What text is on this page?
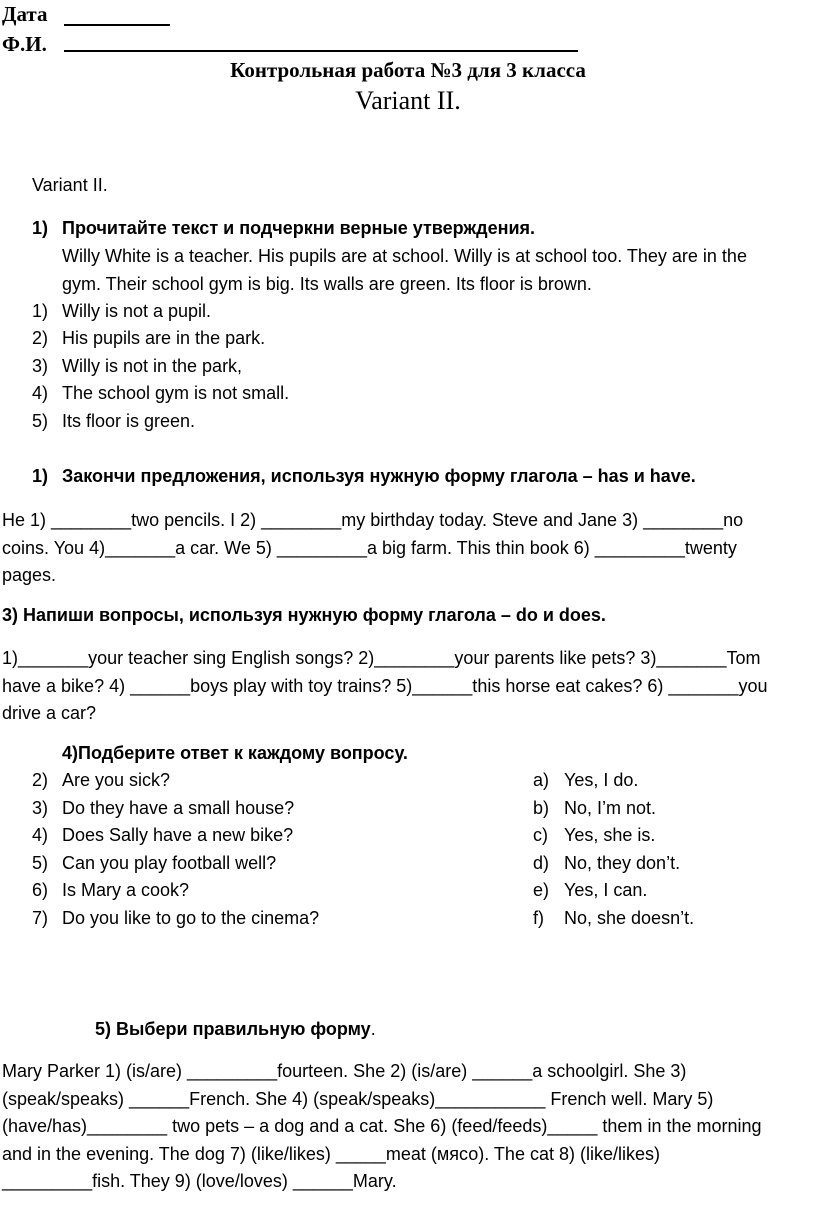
Дата
Ф.И.
Контрольная работа №3 для 3 класса
Variant II.
Variant II.
1) Прочитайте текст и подчеркни верные утверждения.

Willy White is a teacher. His pupils are at school. Willy is at school too. They are in the

gym. Their school gym is big. Its walls are green. Its floor is brown.

1) Willy is not a pupil.
2) His pupils are in the park.
3) Willy is not in the park,
4) The school gym is not small.
5) Its floor is green.
1) Закончи предложения, используя нужную форму глагола – has и have.

He 1) ________two pencils. I 2) ________my birthday today. Steve and Jane 3) ________no

coins. You 4)_______a car. We 5) _________a big farm. This thin book 6) _________twenty

pages.

3) Напиши вопросы, используя нужную форму глагола – do и does.

1)_______your teacher sing English songs? 2)________your parents like pets? 3)_______Tom

have a bike? 4) ______boys play with toy trains? 5)______this horse eat cakes? 6) _______you

drive a car?

4)Подберите ответ к каждому вопросу.
2) Are you sick?
3) Do they have a small house?
4) Does Sally have a new bike?
5) Can you play football well?
6) Is Mary a cook?
7) Do you like to go to the cinema?
a) Yes, I do.
b) No, I’m not.
c) Yes, she is.
d) No, they don’t.
e) Yes, I can.
f) No, she doesn’t.
5) Выбери правильную форму.

Mary Parker 1) (is/are) _________fourteen. She 2) (is/are) ______a schoolgirl. She 3)

(speak/speaks) ______French. She 4) (speak/speaks)___________ French well. Mary 5)

(have/has)________ two pets – a dog and a cat. She 6) (feed/feeds)_____ them in the morning

and in the evening. The dog 7) (like/likes) _____meat (мясо). The cat 8) (like/likes)

_________fish. They 9) (love/loves) ______Mary.
